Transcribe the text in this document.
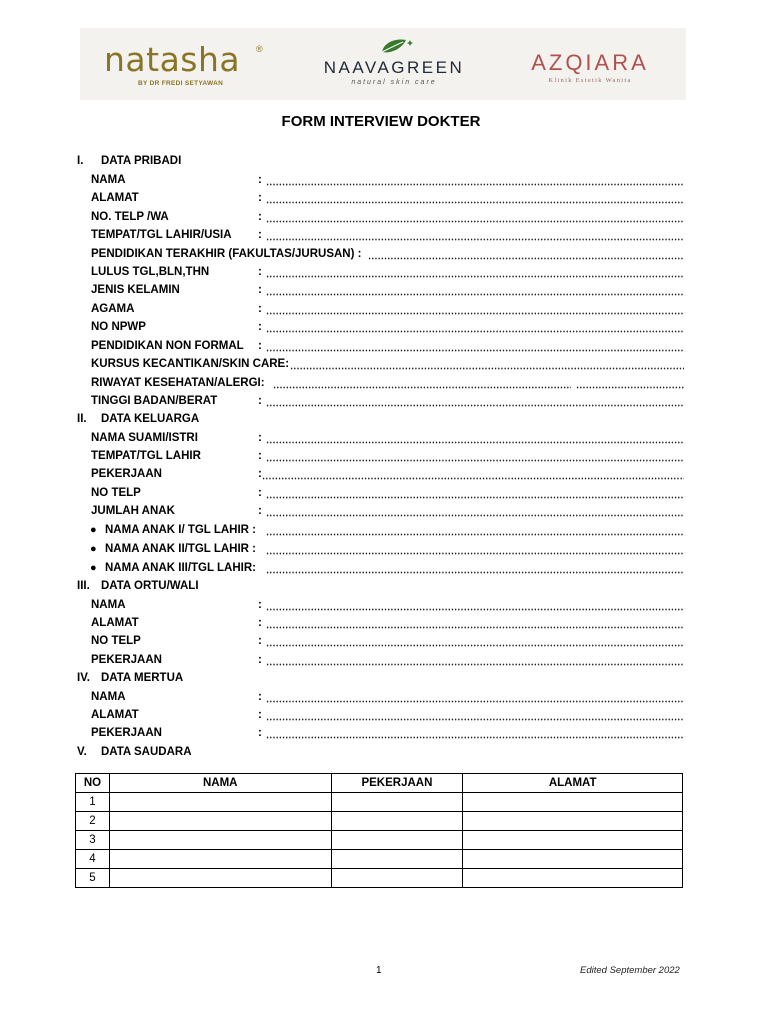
natasha ®
BY DR FREDI SETYAWAN
NAAVAGREEN
natural skin care
AZQIARA
Klinik Estetik Wanita
FORM INTERVIEW DOKTER
I.	DATA PRIBADI
NAMA	:
ALAMAT	:
NO. TELP /WA	:
TEMPAT/TGL LAHIR/USIA :
PENDIDIKAN TERAKHIR (FAKULTAS/JURUSAN) :
LULUS TGL,BLN,THN	:
JENIS KELAMIN	:
AGAMA	:
NO NPWP	:
PENDIDIKAN NON FORMAL :
KURSUS KECANTIKAN/SKIN CARE:
RIWAYAT KESEHATAN/ALERGI:
TINGGI BADAN/BERAT	:
II.	DATA KELUARGA
NAMA SUAMI/ISTRI	:
TEMPAT/TGL LAHIR	:
PEKERJAAN	:
NO TELP	:
JUMLAH ANAK	:
● NAMA ANAK I/ TGL LAHIR :
● NAMA ANAK II/TGL LAHIR :
● NAMA ANAK III/TGL LAHIR:
III. DATA ORTU/WALI
NAMA	:
ALAMAT	:
NO TELP	:
PEKERJAAN	:
IV. DATA MERTUA
NAMA	:
ALAMAT	:
PEKERJAAN	:
V.	DATA SAUDARA
NO	NAMA	PEKERJAAN	ALAMAT
1			
2			
3			
4			
5			
1	Edited September 2022
